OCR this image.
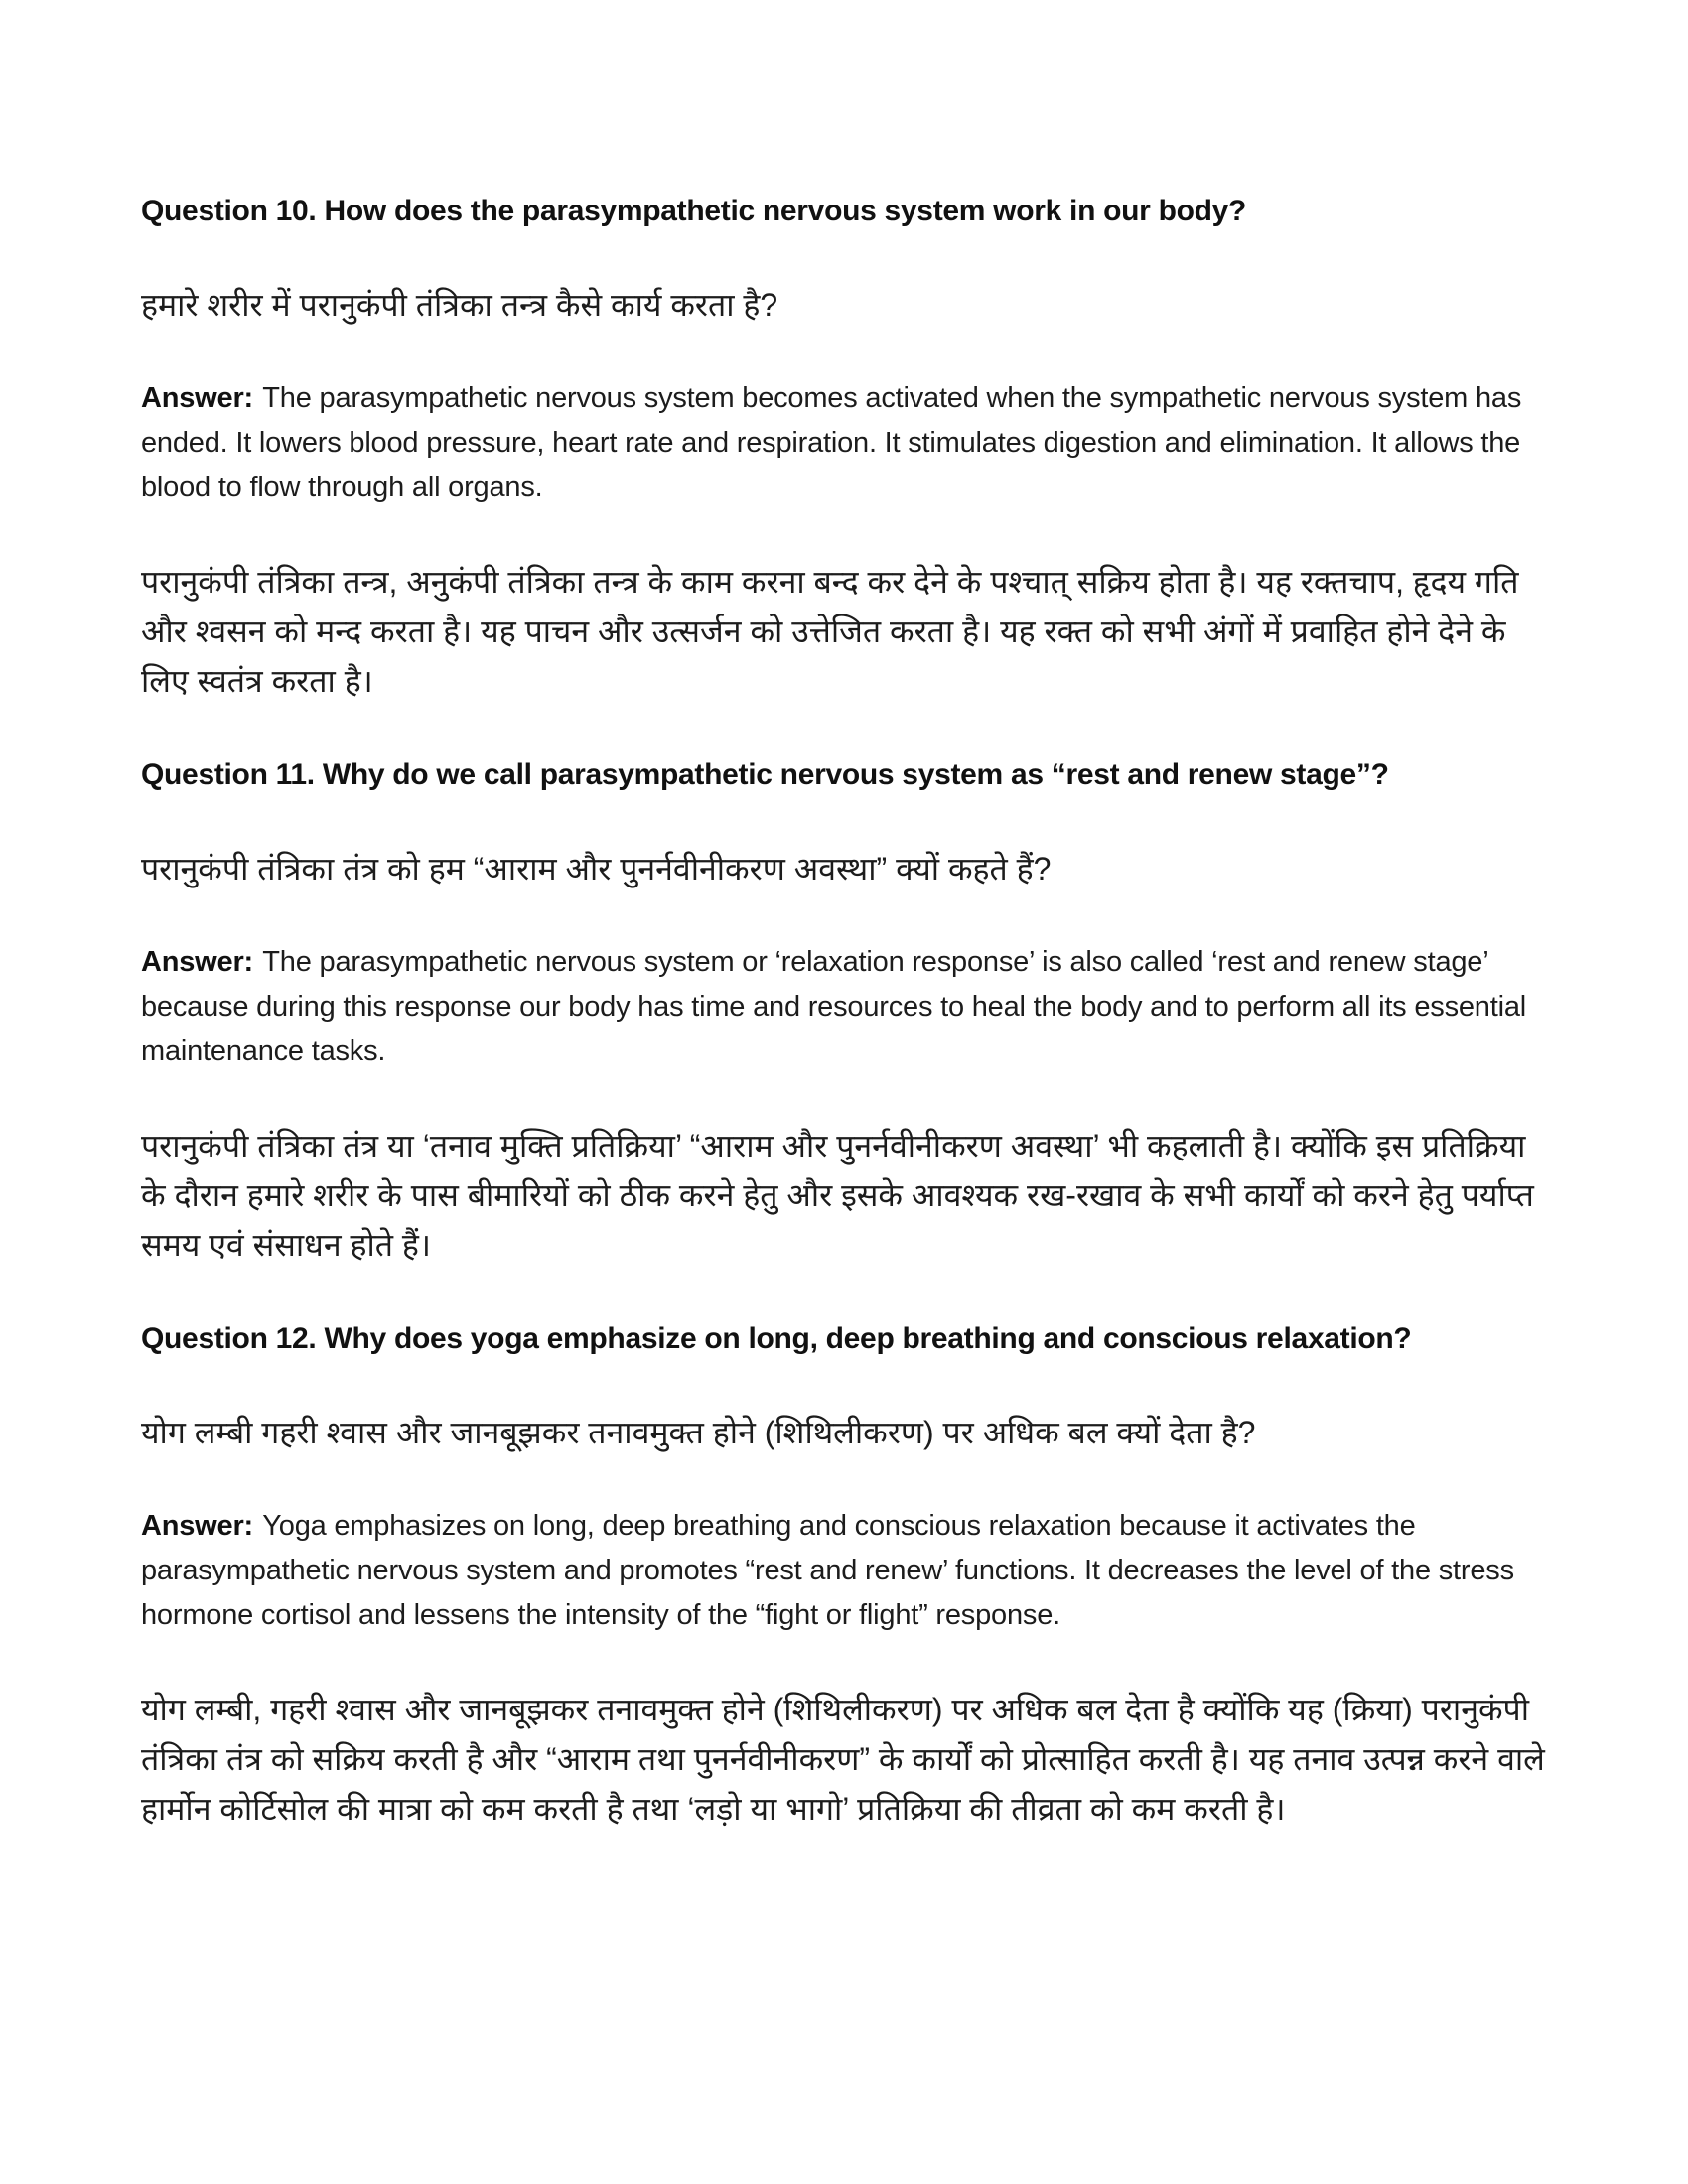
Question 10. How does the parasympathetic nervous system work in our body?

हमारे शरीर में परानुकंपी तंत्रिका तन्त्र कैसे कार्य करता है?

Answer: The parasympathetic nervous system becomes activated when the sympathetic nervous system has ended. It lowers blood pressure, heart rate and respiration. It stimulates digestion and elimination. It allows the blood to flow through all organs.

परानुकंपी तंत्रिका तन्त्र, अनुकंपी तंत्रिका तन्त्र के काम करना बन्द कर देने के पश्चात् सक्रिय होता है। यह रक्तचाप, हृदय गति और श्वसन को मन्द करता है। यह पाचन और उत्सर्जन को उत्तेजित करता है। यह रक्त को सभी अंगों में प्रवाहित होने देने के लिए स्वतंत्र करता है।

Question 11. Why do we call parasympathetic nervous system as “rest and renew stage”?

परानुकंपी तंत्रिका तंत्र को हम “आराम और पुनर्नवीनीकरण अवस्था” क्यों कहते हैं?

Answer: The parasympathetic nervous system or ‘relaxation response’ is also called ‘rest and renew stage’ because during this response our body has time and resources to heal the body and to perform all its essential maintenance tasks.

परानुकंपी तंत्रिका तंत्र या ‘तनाव मुक्ति प्रतिक्रिया’ “आराम और पुनर्नवीनीकरण अवस्था’ भी कहलाती है। क्योंकि इस प्रतिक्रिया के दौरान हमारे शरीर के पास बीमारियों को ठीक करने हेतु और इसके आवश्यक रख-रखाव के सभी कार्यों को करने हेतु पर्याप्त समय एवं संसाधन होते हैं।

Question 12. Why does yoga emphasize on long, deep breathing and conscious relaxation?

योग लम्बी गहरी श्वास और जानबूझकर तनावमुक्त होने (शिथिलीकरण) पर अधिक बल क्यों देता है?

Answer: Yoga emphasizes on long, deep breathing and conscious relaxation because it activates the parasympathetic nervous system and promotes “rest and renew’ functions. It decreases the level of the stress hormone cortisol and lessens the intensity of the “fight or flight” response.

योग लम्बी, गहरी श्वास और जानबूझकर तनावमुक्त होने (शिथिलीकरण) पर अधिक बल देता है क्योंकि यह (क्रिया) परानुकंपी तंत्रिका तंत्र को सक्रिय करती है और “आराम तथा पुनर्नवीनीकरण” के कार्यों को प्रोत्साहित करती है। यह तनाव उत्पन्न करने वाले हार्मोन कोर्टिसोल की मात्रा को कम करती है तथा ‘लड़ो या भागो’ प्रतिक्रिया की तीव्रता को कम करती है।
